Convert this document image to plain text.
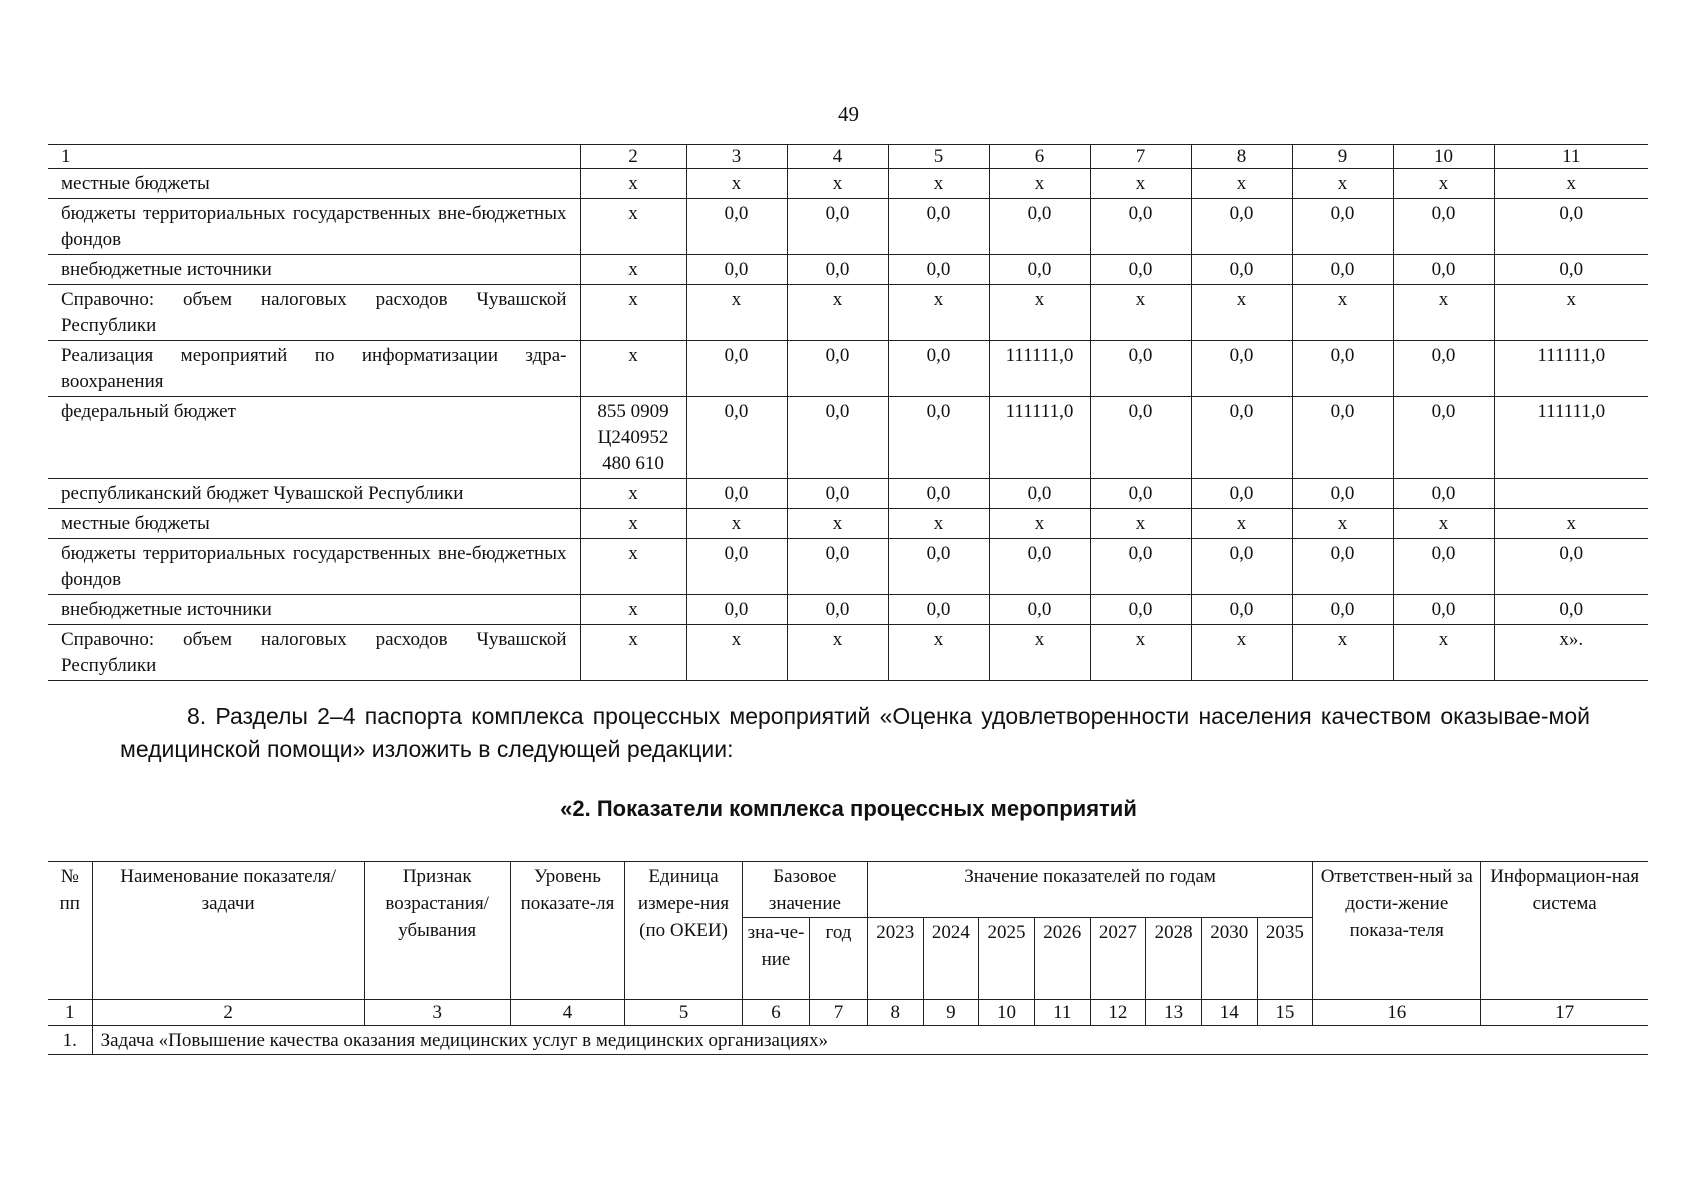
49
1	2	3	4	5	6	7	8	9	10	11
местные бюджеты	х	х	х	х	х	х	х	х	х	х
бюджеты территориальных государственных вне-бюджетных фондов	х	0,0	0,0	0,0	0,0	0,0	0,0	0,0	0,0	0,0
внебюджетные источники	х	0,0	0,0	0,0	0,0	0,0	0,0	0,0	0,0	0,0
Справочно: объем налоговых расходов Чувашской Республики	х	х	х	х	х	х	х	х	х	х
Реализация мероприятий по информатизации здра-воохранения	х	0,0	0,0	0,0	111111,0	0,0	0,0	0,0	0,0	111111,0
федеральный бюджет	855 0909 Ц240952 480 610	0,0	0,0	0,0	111111,0	0,0	0,0	0,0	0,0	111111,0
республиканский бюджет Чувашской Республики	х	0,0	0,0	0,0	0,0	0,0	0,0	0,0	0,0	
местные бюджеты	х	х	х	х	х	х	х	х	х	х
бюджеты территориальных государственных вне-бюджетных фондов	х	0,0	0,0	0,0	0,0	0,0	0,0	0,0	0,0	0,0
внебюджетные источники	х	0,0	0,0	0,0	0,0	0,0	0,0	0,0	0,0	0,0
Справочно: объем налоговых расходов Чувашской Республики	х	х	х	х	х	х	х	х	х	х».

8. Разделы 2–4 паспорта комплекса процессных мероприятий «Оценка удовлетворенности населения качеством оказывае-мой медицинской помощи» изложить в следующей редакции:

«2. Показатели комплекса процессных мероприятий
№ пп	Наименование показателя/задачи	Признак возрастания/ убывания	Уровень показате-ля	Единица измере-ния (по ОКЕИ)	Базовое значение		Значение показателей по годам								Ответствен-ный за дости-жение показа-теля	Информацион-ная система
					зна-че-ние	год	2023	2024	2025	2026	2027	2028	2030	2035		
1	2	3	4	5	6	7	8	9	10	11	12	13	14	15	16	17
1.	Задача «Повышение качества оказания медицинских услуг в медицинских организациях»															
